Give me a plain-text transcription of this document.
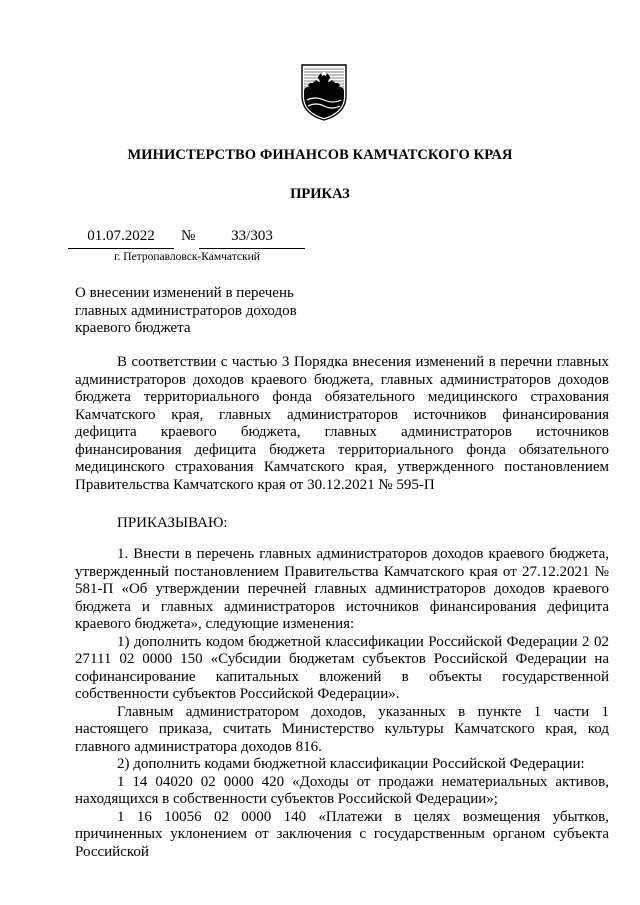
МИНИСТЕРСТВО ФИНАНСОВ КАМЧАТСКОГО КРАЯ
ПРИКАЗ
01.07.2022	№	33/303
г. Петропавловск-Камчатский
О внесении изменений в перечень главных администраторов доходов краевого бюджета

В соответствии с частью 3 Порядка внесения изменений в перечни главных администраторов доходов краевого бюджета, главных администраторов доходов бюджета территориального фонда обязательного медицинского страхования Камчатского края, главных администраторов источников финансирования дефицита краевого бюджета, главных администраторов источников финансирования дефицита бюджета территориального фонда обязательного медицинского страхования Камчатского края, утвержденного постановлением Правительства Камчатского края от 30.12.2021 № 595-П

ПРИКАЗЫВАЮ:

1. Внести в перечень главных администраторов доходов краевого бюджета, утвержденный постановлением Правительства Камчатского края от 27.12.2021 № 581-П «Об утверждении перечней главных администраторов доходов краевого бюджета и главных администраторов источников финансирования дефицита краевого бюджета», следующие изменения:

1) дополнить кодом бюджетной классификации Российской Федерации 2 02 27111 02 0000 150 «Субсидии бюджетам субъектов Российской Федерации на софинансирование капитальных вложений в объекты государственной собственности субъектов Российской Федерации».

Главным администратором доходов, указанных в пункте 1 части 1 настоящего приказа, считать Министерство культуры Камчатского края, код главного администратора доходов 816.

2) дополнить кодами бюджетной классификации Российской Федерации:

1 14 04020 02 0000 420 «Доходы от продажи нематериальных активов, находящихся в собственности субъектов Российской Федерации»;

1 16 10056 02 0000 140 «Платежи в целях возмещения убытков, причиненных уклонением от заключения с государственным органом субъекта Российской
